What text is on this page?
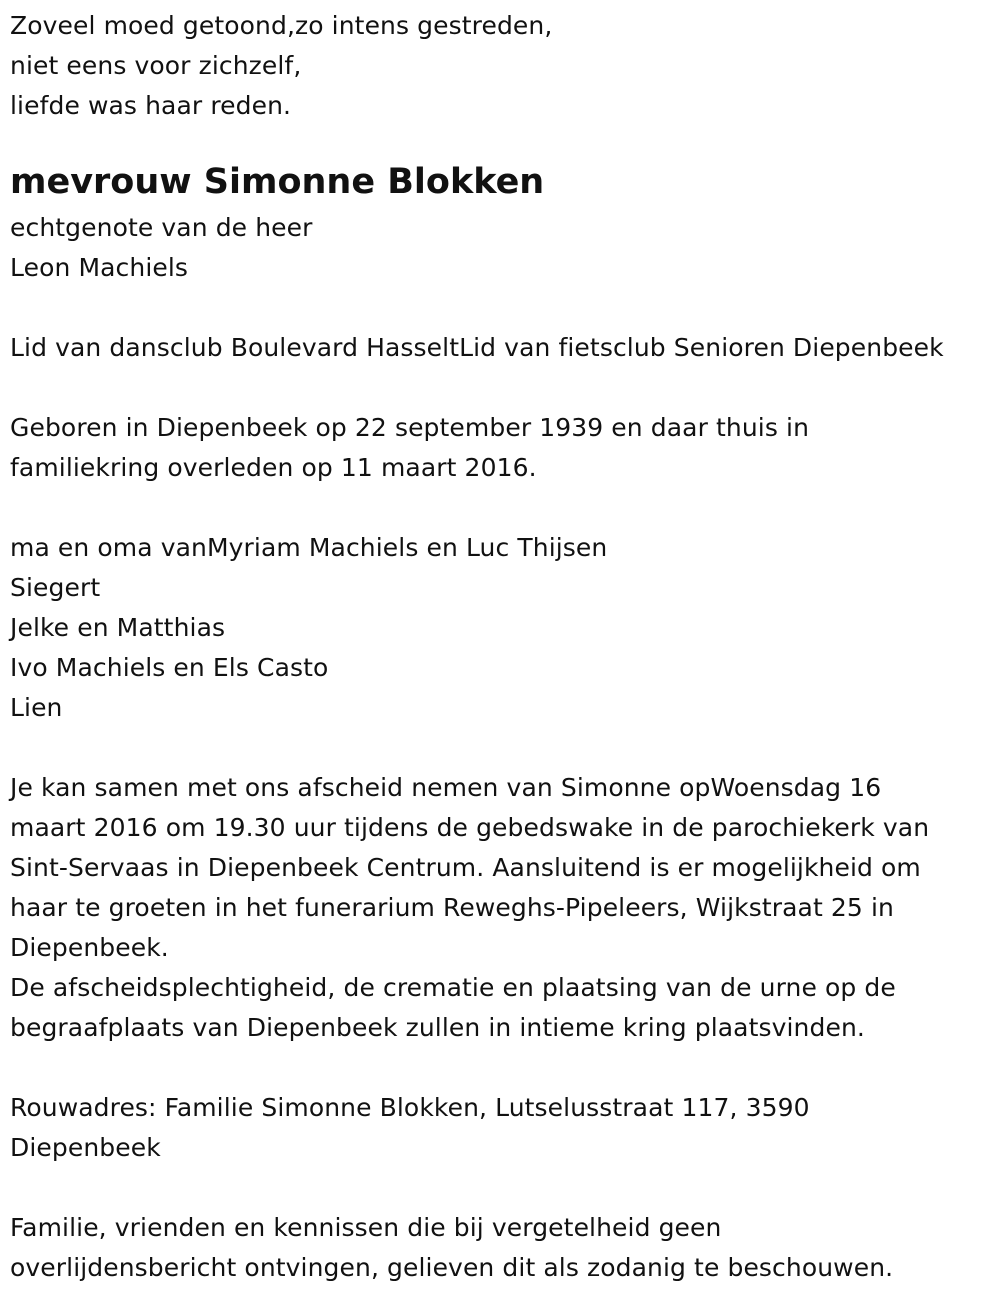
Zoveel moed getoond,zo intens gestreden,
niet eens voor zichzelf,
liefde was haar reden.
mevrouw Simonne Blokken
echtgenote van de heer
Leon Machiels
Lid van dansclub Boulevard HasseltLid van fietsclub Senioren Diepenbeek
Geboren in Diepenbeek op 22 september 1939 en daar thuis in
familiekring overleden op 11 maart 2016.
ma en oma vanMyriam Machiels en Luc Thijsen
Siegert
Jelke en Matthias
Ivo Machiels en Els Casto
Lien
Je kan samen met ons afscheid nemen van Simonne opWoensdag 16
maart 2016 om 19.30 uur tijdens de gebedswake in de parochiekerk van
Sint-Servaas in Diepenbeek Centrum. Aansluitend is er mogelijkheid om
haar te groeten in het funerarium Reweghs-Pipeleers, Wijkstraat 25 in
Diepenbeek.
De afscheidsplechtigheid, de crematie en plaatsing van de urne op de
begraafplaats van Diepenbeek zullen in intieme kring plaatsvinden.
Rouwadres: Familie Simonne Blokken, Lutselusstraat 117, 3590
Diepenbeek
Familie, vrienden en kennissen die bij vergetelheid geen
overlijdensbericht ontvingen, gelieven dit als zodanig te beschouwen.
